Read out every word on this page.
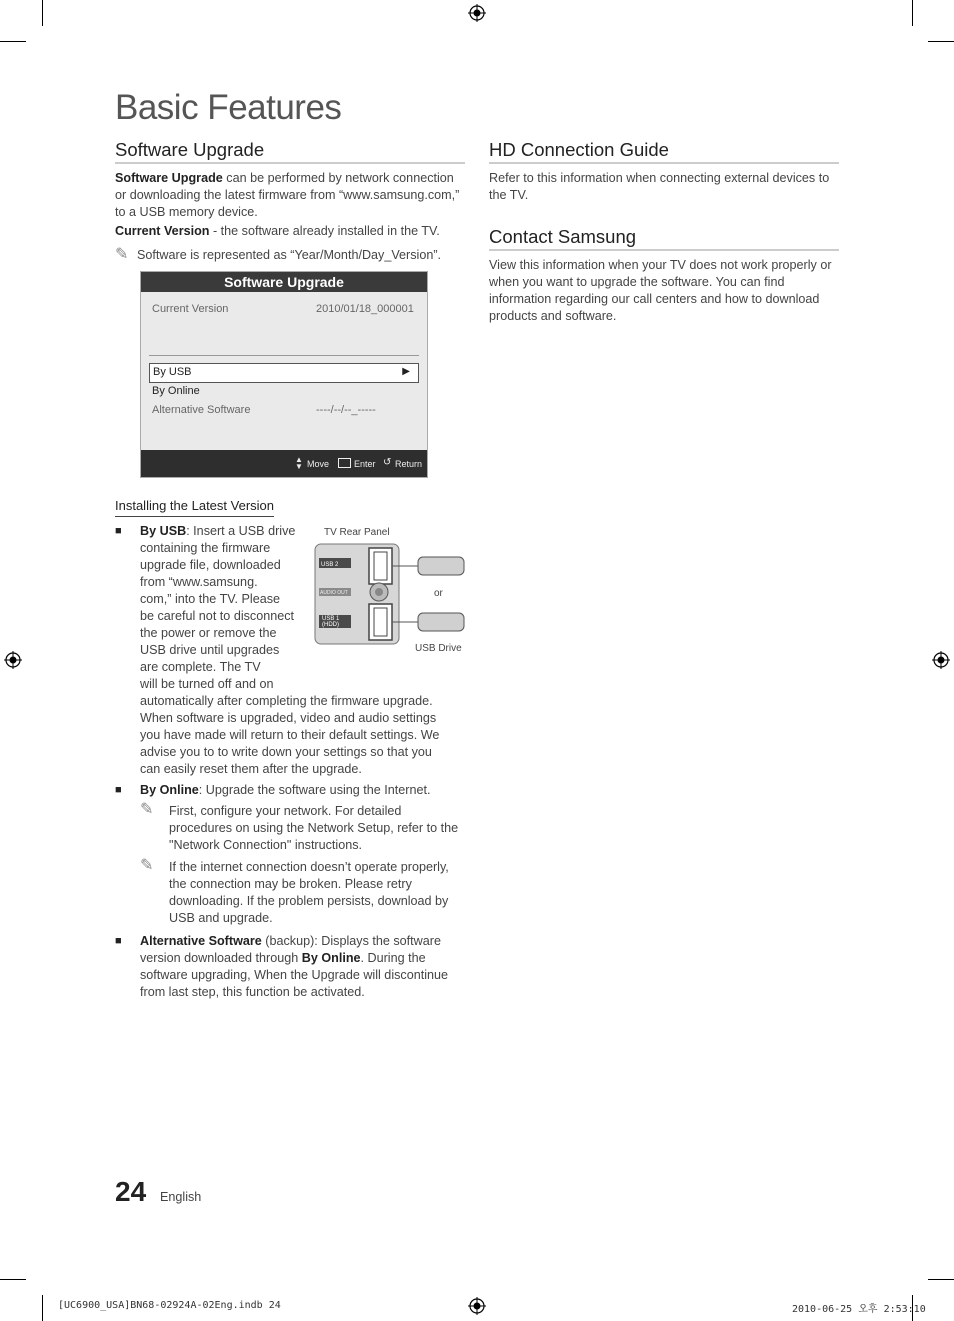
Basic Features
Software Upgrade
Software Upgrade can be performed by network connection or downloading the latest firmware from “www.samsung.com,” to a USB memory device.
Current Version - the software already installed in the TV.
✎ Software is represented as “Year/Month/Day_Version”.
Software Upgrade
Current Version	2010/01/18_000001
By USB	▶
By Online
Alternative Software	----/--/--_-----
▲
▼ Move	Enter ↺ Return
Installing the Latest Version
■ By USB: Insert a USB drive
containing the firmware
upgrade file, downloaded
from “www.samsung.
com,” into the TV. Please
be careful not to disconnect
the power or remove the
USB drive until upgrades
are complete. The TV
will be turned off and on
automatically after completing the firmware upgrade.
When software is upgraded, video and audio settings
you have made will return to their default settings. We
advise you to to write down your settings so that you
can easily reset them after the upgrade.
TV Rear Panel
USB 2
AUDIO OUT
USB 1
(HDD)
or
USB Drive
■ By Online: Upgrade the software using the Internet.
✎ First, configure your network. For detailed procedures on using the Network Setup, refer to the "Network Connection" instructions.
✎ If the internet connection doesn’t operate properly, the connection may be broken. Please retry downloading. If the problem persists, download by USB and upgrade.
■ Alternative Software (backup): Displays the software version downloaded through By Online. During the software upgrading, When the Upgrade will discontinue from last step, this function be activated.
HD Connection Guide
Refer to this information when connecting external devices to the TV.
Contact Samsung
View this information when your TV does not work properly or when you want to upgrade the software. You can find information regarding our call centers and how to download products and software.
24 English
[UC6900_USA]BN68-02924A-02Eng.indb 24	2010-06-25 오후 2:53:10
